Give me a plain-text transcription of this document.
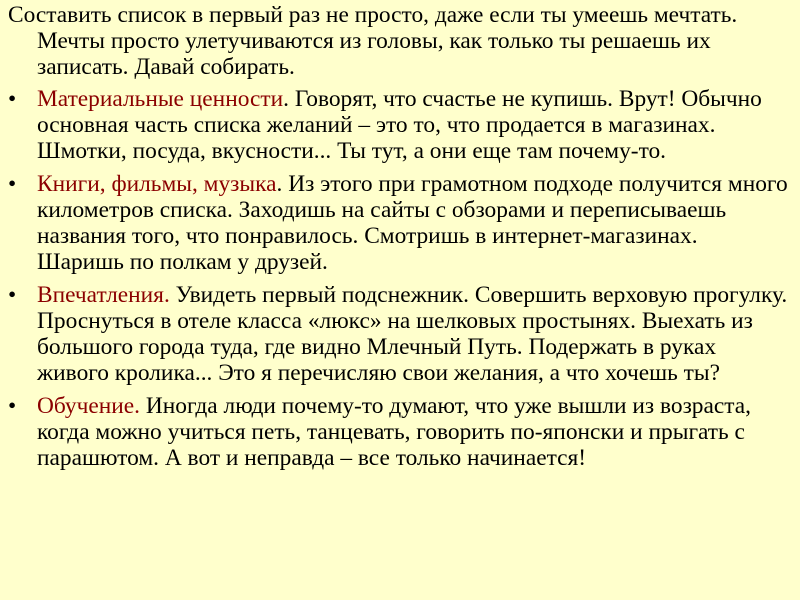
Составить список в первый раз не просто, даже если ты умеешь мечтать. Мечты просто улетучиваются из головы, как только ты решаешь их записать. Давай собирать.

• Материальные ценности. Говорят, что счастье не купишь. Врут! Обычно основная часть списка желаний – это то, что продается в магазинах. Шмотки, посуда, вкусности... Ты тут, а они еще там почему-то.
• Книги, фильмы, музыка. Из этого при грамотном подходе получится много километров списка. Заходишь на сайты с обзорами и переписываешь названия того, что понравилось. Смотришь в интернет-магазинах. Шаришь по полкам у друзей.
• Впечатления. Увидеть первый подснежник. Совершить верховую прогулку. Проснуться в отеле класса «люкс» на шелковых простынях. Выехать из большого города туда, где видно Млечный Путь. Подержать в руках живого кролика... Это я перечисляю свои желания, а что хочешь ты?
• Обучение. Иногда люди почему-то думают, что уже вышли из возраста, когда можно учиться петь, танцевать, говорить по-японски и прыгать с парашютом. А вот и неправда – все только начинается!
